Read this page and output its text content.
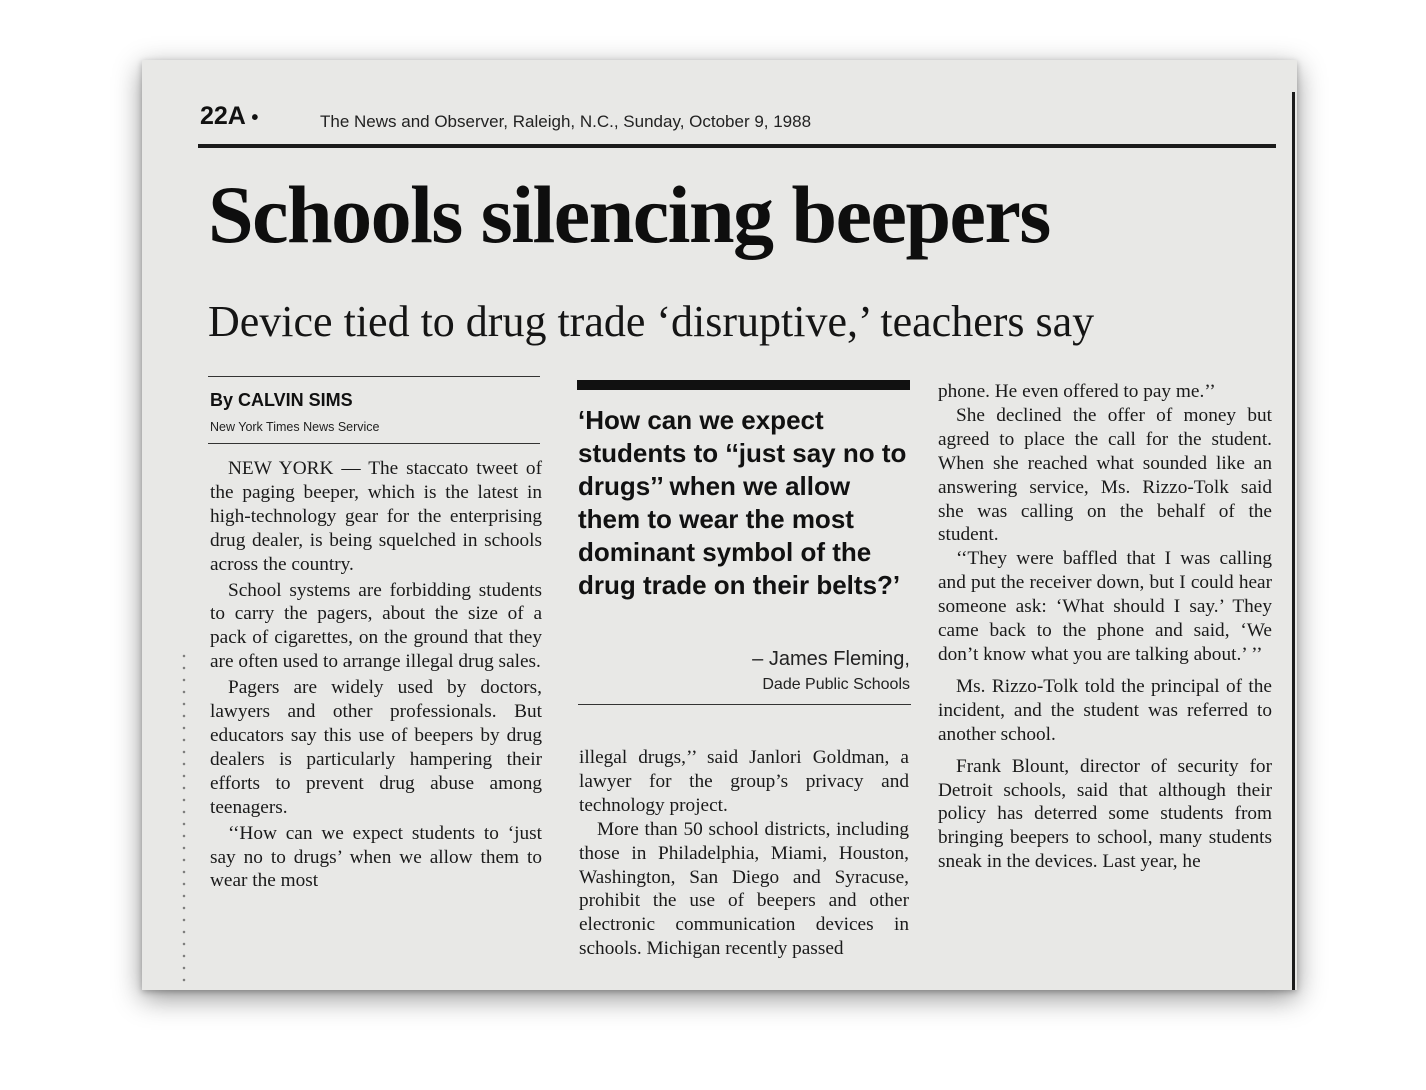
22A •	The News and Observer, Raleigh, N.C., Sunday, October 9, 1988
Schools silencing beepers
Device tied to drug trade ‘disruptive,’ teachers say
By CALVIN SIMS
New York Times News Service

NEW YORK — The staccato tweet of the paging beeper, which is the latest in high-technology gear for the enterprising drug dealer, is being squelched in schools across the country.

School systems are forbidding students to carry the pagers, about the size of a pack of cigarettes, on the ground that they are often used to arrange illegal drug sales.

Pagers are widely used by doctors, lawyers and other professionals. But educators say this use of beepers by drug dealers is particularly hampering their efforts to prevent drug abuse among teenagers.

‘‘How can we expect students to ‘just say no to drugs’ when we allow them to wear the most

‘How can we expect students to ‘‘just say no to drugs’’ when we allow them to wear the most dominant symbol of the drug trade on their belts?’
– James Fleming,
Dade Public Schools

illegal drugs,’’ said Janlori Goldman, a lawyer for the group’s privacy and technology project.

More than 50 school districts, including those in Philadelphia, Miami, Houston, Washington, San Diego and Syracuse, prohibit the use of beepers and other electronic communication devices in schools. Michigan recently passed

phone. He even offered to pay me.’’

She declined the offer of money but agreed to place the call for the student. When she reached what sounded like an answering service, Ms. Rizzo-Tolk said she was calling on the behalf of the student.

‘‘They were baffled that I was calling and put the receiver down, but I could hear someone ask: ‘What should I say.’ They came back to the phone and said, ‘We don’t know what you are talking about.’ ’’

Ms. Rizzo-Tolk told the principal of the incident, and the student was referred to another school.

Frank Blount, director of security for Detroit schools, said that although their policy has deterred some students from bringing beepers to school, many students sneak in the devices. Last year, he
